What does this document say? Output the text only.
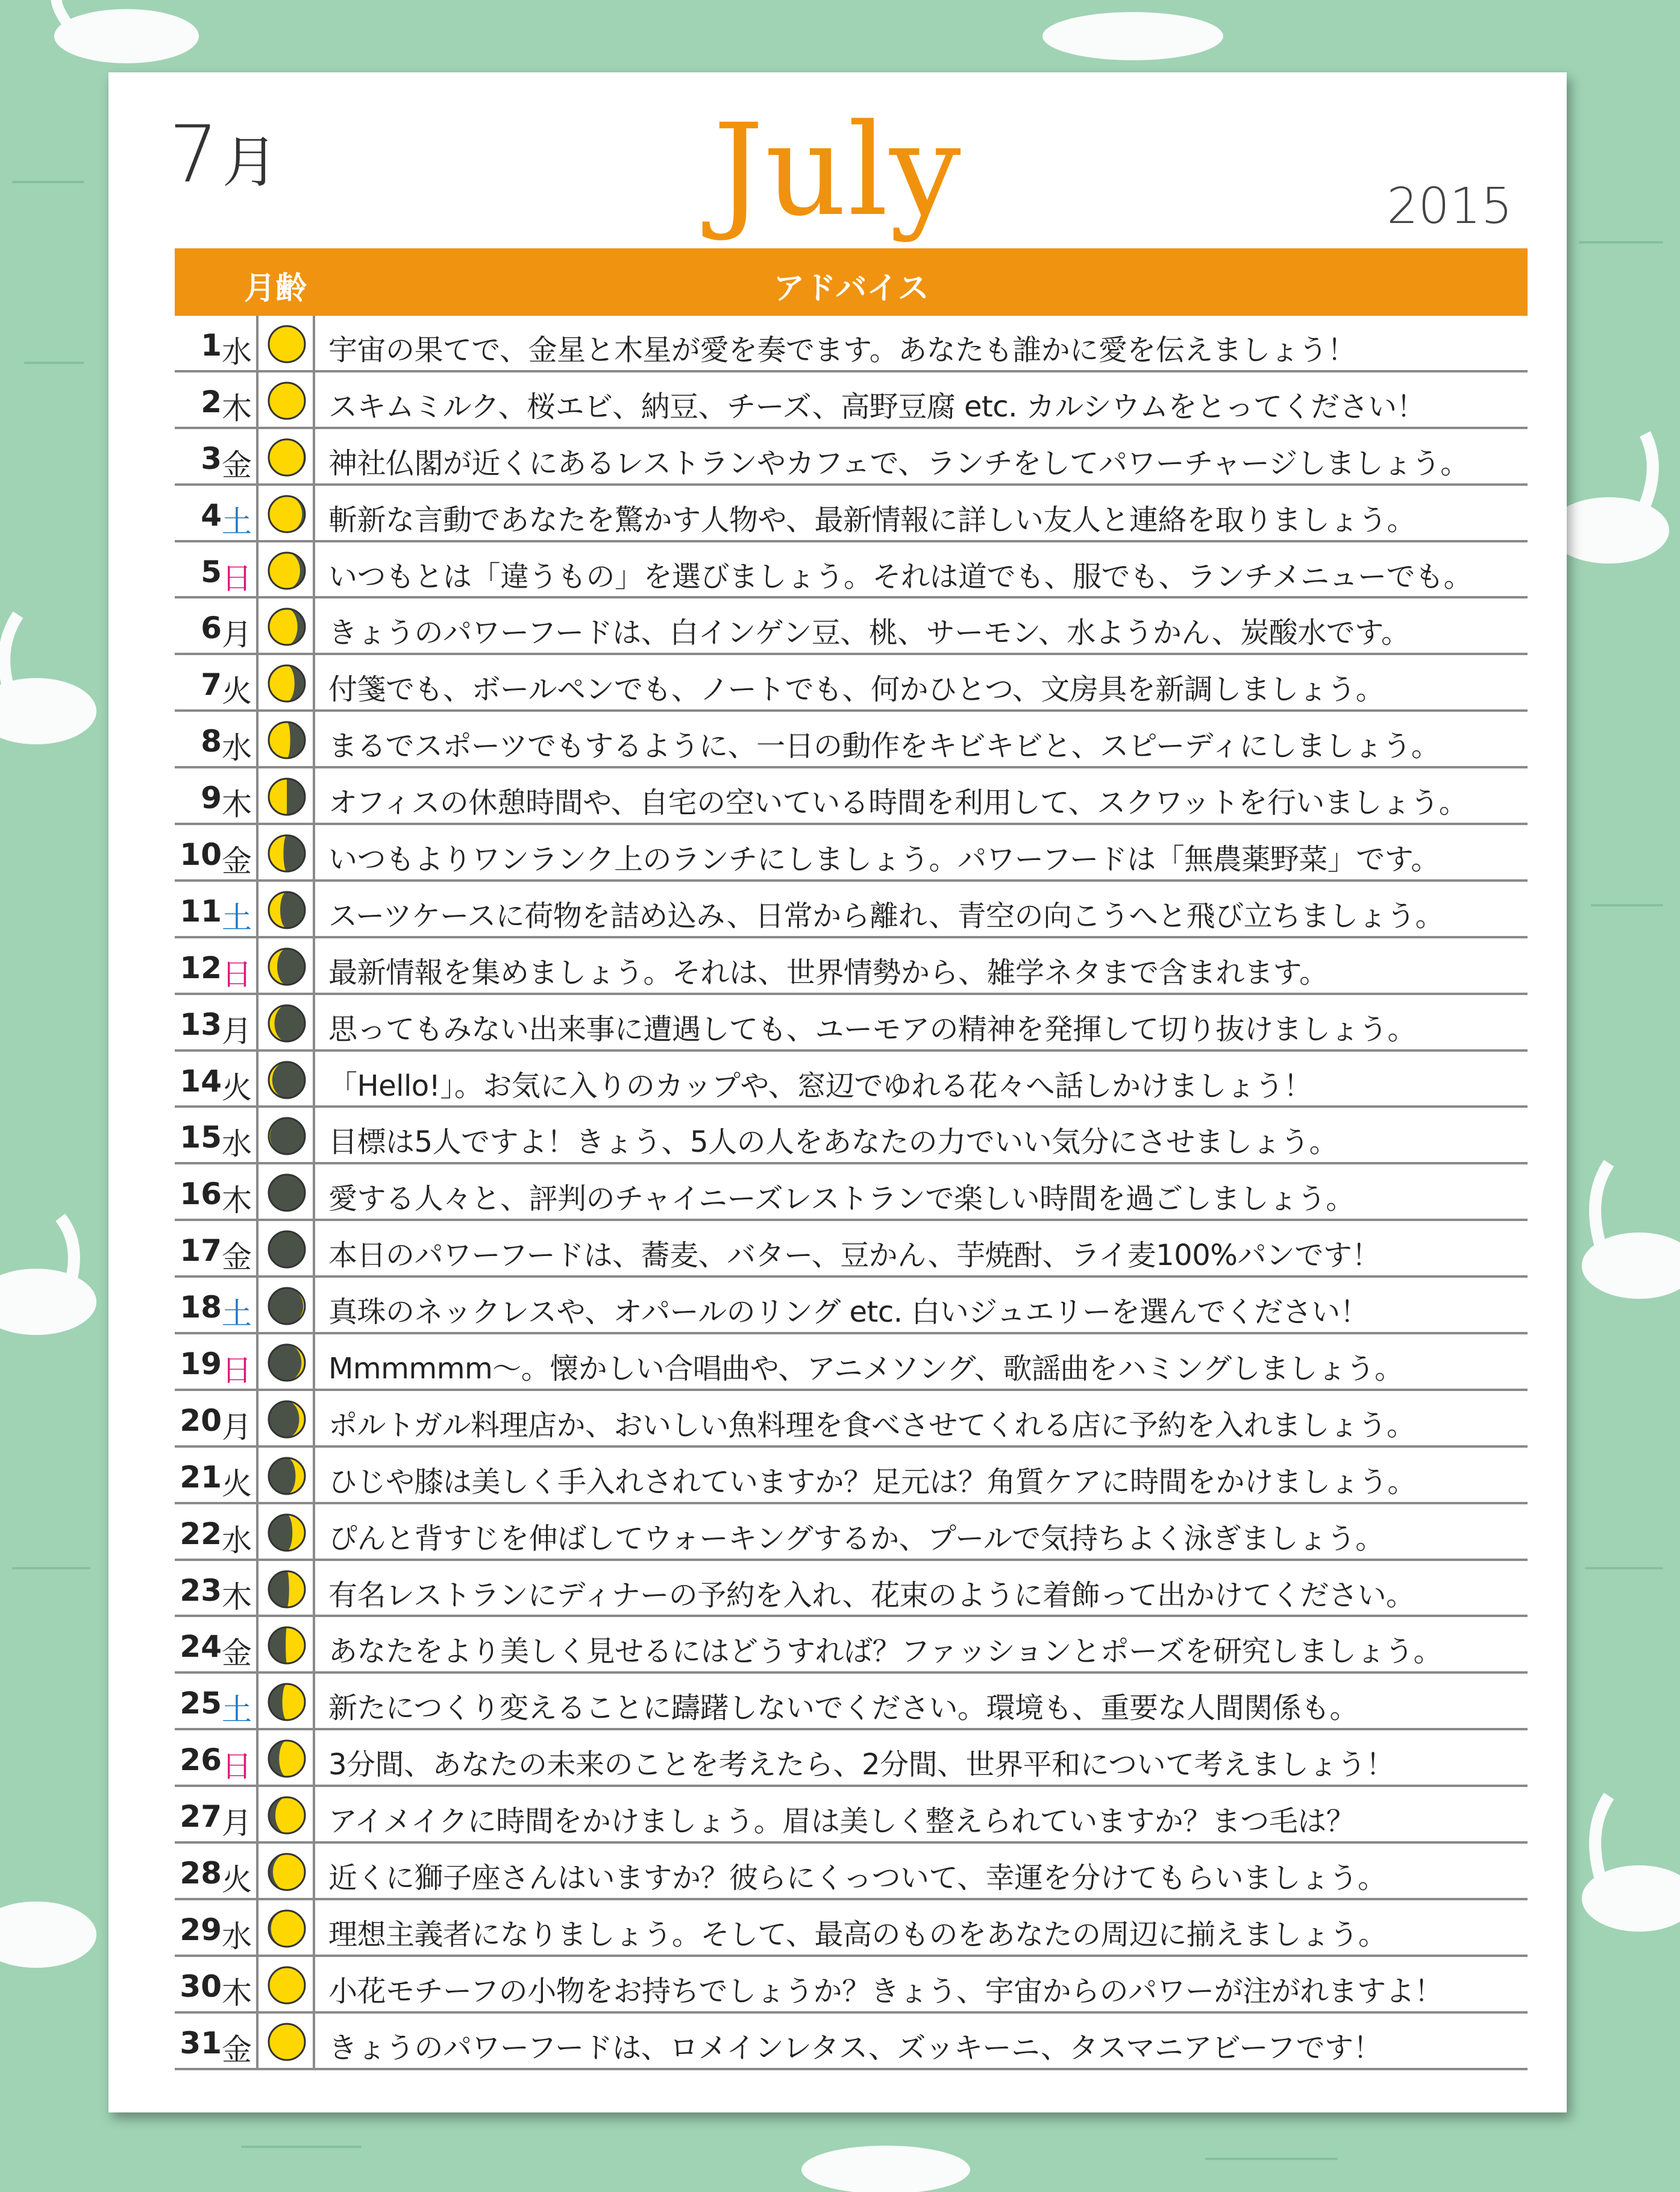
7月	July	2015
月齢	アドバイス
1 水	宇宙の果てで、金星と木星が愛を奏でます。あなたも誰かに愛を伝えましょう！
2 木	スキムミルク、桜エビ、納豆、チーズ、高野豆腐 etc. カルシウムをとってください！
3 金	神社仏閣が近くにあるレストランやカフェで、ランチをしてパワーチャージしましょう。
4 土	斬新な言動であなたを驚かす人物や、最新情報に詳しい友人と連絡を取りましょう。
5 日	いつもとは「違うもの」を選びましょう。それは道でも、服でも、ランチメニューでも。
6 月	きょうのパワーフードは、白インゲン豆、桃、サーモン、水ようかん、炭酸水です。
7 火	付箋でも、ボールペンでも、ノートでも、何かひとつ、文房具を新調しましょう。
8 水	まるでスポーツでもするように、一日の動作をキビキビと、スピーディにしましょう。
9 木	オフィスの休憩時間や、自宅の空いている時間を利用して、スクワットを行いましょう。
10 金	いつもよりワンランク上のランチにしましょう。パワーフードは「無農薬野菜」です。
11 土	スーツケースに荷物を詰め込み、日常から離れ、青空の向こうへと飛び立ちましょう。
12 日	最新情報を集めましょう。それは、世界情勢から、雑学ネタまで含まれます。
13 月	思ってもみない出来事に遭遇しても、ユーモアの精神を発揮して切り抜けましょう。
14 火	「Hello!」。お気に入りのカップや、窓辺でゆれる花々へ話しかけましょう！
15 水	目標は5人ですよ！きょう、5人の人をあなたの力でいい気分にさせましょう。
16 木	愛する人々と、評判のチャイニーズレストランで楽しい時間を過ごしましょう。
17 金	本日のパワーフードは、蕎麦、バター、豆かん、芋焼酎、ライ麦100%パンです！
18 土	真珠のネックレスや、オパールのリング etc. 白いジュエリーを選んでください！
19 日	Mmmmmm～。懐かしい合唱曲や、アニメソング、歌謡曲をハミングしましょう。
20 月	ポルトガル料理店か、おいしい魚料理を食べさせてくれる店に予約を入れましょう。
21 火	ひじや膝は美しく手入れされていますか？足元は？角質ケアに時間をかけましょう。
22 水	ぴんと背すじを伸ばしてウォーキングするか、プールで気持ちよく泳ぎましょう。
23 木	有名レストランにディナーの予約を入れ、花束のように着飾って出かけてください。
24 金	あなたをより美しく見せるにはどうすれば？ファッションとポーズを研究しましょう。
25 土	新たにつくり変えることに躊躇しないでください。環境も、重要な人間関係も。
26 日	3分間、あなたの未来のことを考えたら、2分間、世界平和について考えましょう！
27 月	アイメイクに時間をかけましょう。眉は美しく整えられていますか？まつ毛は？
28 火	近くに獅子座さんはいますか？彼らにくっついて、幸運を分けてもらいましょう。
29 水	理想主義者になりましょう。そして、最高のものをあなたの周辺に揃えましょう。
30 木	小花モチーフの小物をお持ちでしょうか？きょう、宇宙からのパワーが注がれますよ！
31 金	きょうのパワーフードは、ロメインレタス、ズッキーニ、タスマニアビーフです！
